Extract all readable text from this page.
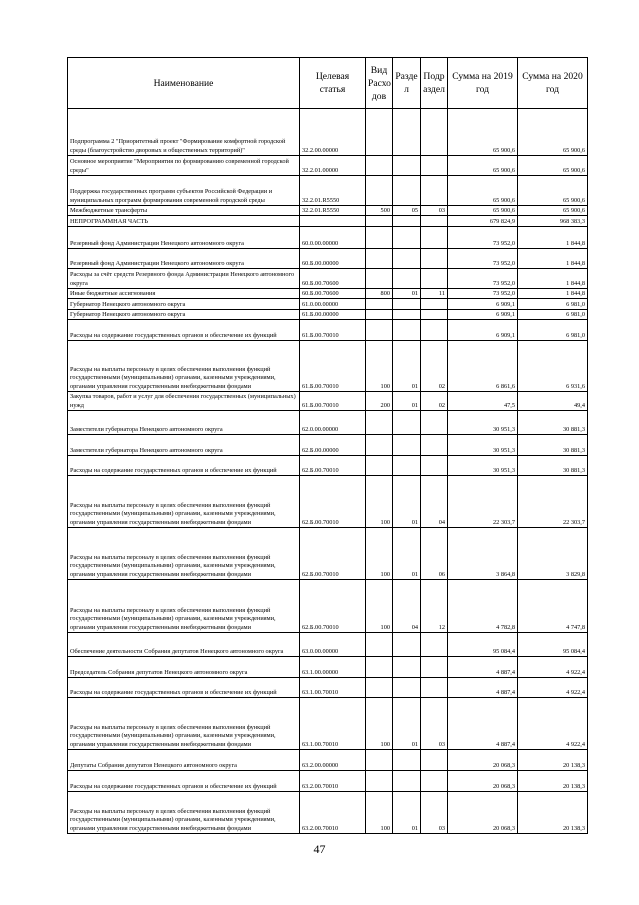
Наименование	Целевая статья	Вид Расхо дов	Разде л	Подр аздел	Сумма на 2019 год	Сумма на 2020 год
Подпрограмма 2 "Приоритетный проект "Формирование комфортной городской среды (благоустройство дворовых и общественных территорий)"	32.2.00.00000				65 900,6	65 900,6
Основное мероприятие "Мероприятия по формированию современной городской среды"	32.2.01.00000				65 900,6	65 900,6
Поддержка государственных программ субъектов Российской Федерации и муниципальных программ формирования современной городской среды	32.2.01.R5550				65 900,6	65 900,6
Межбюджетные трансферты	32.2.01.R5550	500	05	03	65 900,6	65 900,6
НЕПРОГРАММНАЯ ЧАСТЬ					679 824,9	968 383,3
Резервный фонд Администрации Ненецкого автономного округа	60.0.00.00000				73 952,0	1 844,8
Резервный фонд Администрации Ненецкого автономного округа	60.Б.00.00000				73 952,0	1 844,8
Расходы за счёт средств Резервного фонда Администрации Ненецкого автономного округа	60.Б.00.70600				73 952,0	1 844,8
Иные бюджетные ассигнования	60.Б.00.70600	800	01	11	73 952,0	1 844,8
Губернатор Ненецкого автономного округа	61.0.00.00000				6 909,1	6 981,0
Губернатор Ненецкого автономного округа	61.Б.00.00000				6 909,1	6 981,0
Расходы на содержание государственных органов и обеспечение их функций	61.Б.00.70010				6 909,1	6 981,0
Расходы на выплаты персоналу в целях обеспечения выполнения функций государственными (муниципальными) органами, казенными учреждениями, органами управления государственными внебюджетными фондами	61.Б.00.70010	100	01	02	6 861,6	6 931,6
Закупка товаров, работ и услуг для обеспечения государственных (муниципальных) нужд	61.Б.00.70010	200	01	02	47,5	49,4
Заместители губернатора Ненецкого автономного округа	62.0.00.00000				30 951,3	30 881,3
Заместители губернатора Ненецкого автономного округа	62.Б.00.00000				30 951,3	30 881,3
Расходы на содержание государственных органов и обеспечение их функций	62.Б.00.70010				30 951,3	30 881,3
Расходы на выплаты персоналу в целях обеспечения выполнения функций государственными (муниципальными) органами, казенными учреждениями, органами управления государственными внебюджетными фондами	62.Б.00.70010	100	01	04	22 303,7	22 303,7
Расходы на выплаты персоналу в целях обеспечения выполнения функций государственными (муниципальными) органами, казенными учреждениями, органами управления государственными внебюджетными фондами	62.Б.00.70010	100	01	06	3 864,8	3 829,8
Расходы на выплаты персоналу в целях обеспечения выполнения функций государственными (муниципальными) органами, казенными учреждениями, органами управления государственными внебюджетными фондами	62.Б.00.70010	100	04	12	4 782,8	4 747,8
Обеспечение деятельности Собрания депутатов Ненецкого автономного округа	63.0.00.00000				95 084,4	95 084,4
Председатель Собрания депутатов Ненецкого автономного округа	63.1.00.00000				4 887,4	4 922,4
Расходы на содержание государственных органов и обеспечение их функций	63.1.00.70010				4 887,4	4 922,4
Расходы на выплаты персоналу в целях обеспечения выполнения функций государственными (муниципальными) органами, казенными учреждениями, органами управления государственными внебюджетными фондами	63.1.00.70010	100	01	03	4 887,4	4 922,4
Депутаты Собрания депутатов Ненецкого автономного округа	63.2.00.00000				20 068,3	20 138,3
Расходы на содержание государственных органов и обеспечение их функций	63.2.00.70010				20 068,3	20 138,3
Расходы на выплаты персоналу в целях обеспечения выполнения функций государственными (муниципальными) органами, казенными учреждениями, органами управления государственными внебюджетными фондами	63.2.00.70010	100	01	03	20 068,3	20 138,3
47
